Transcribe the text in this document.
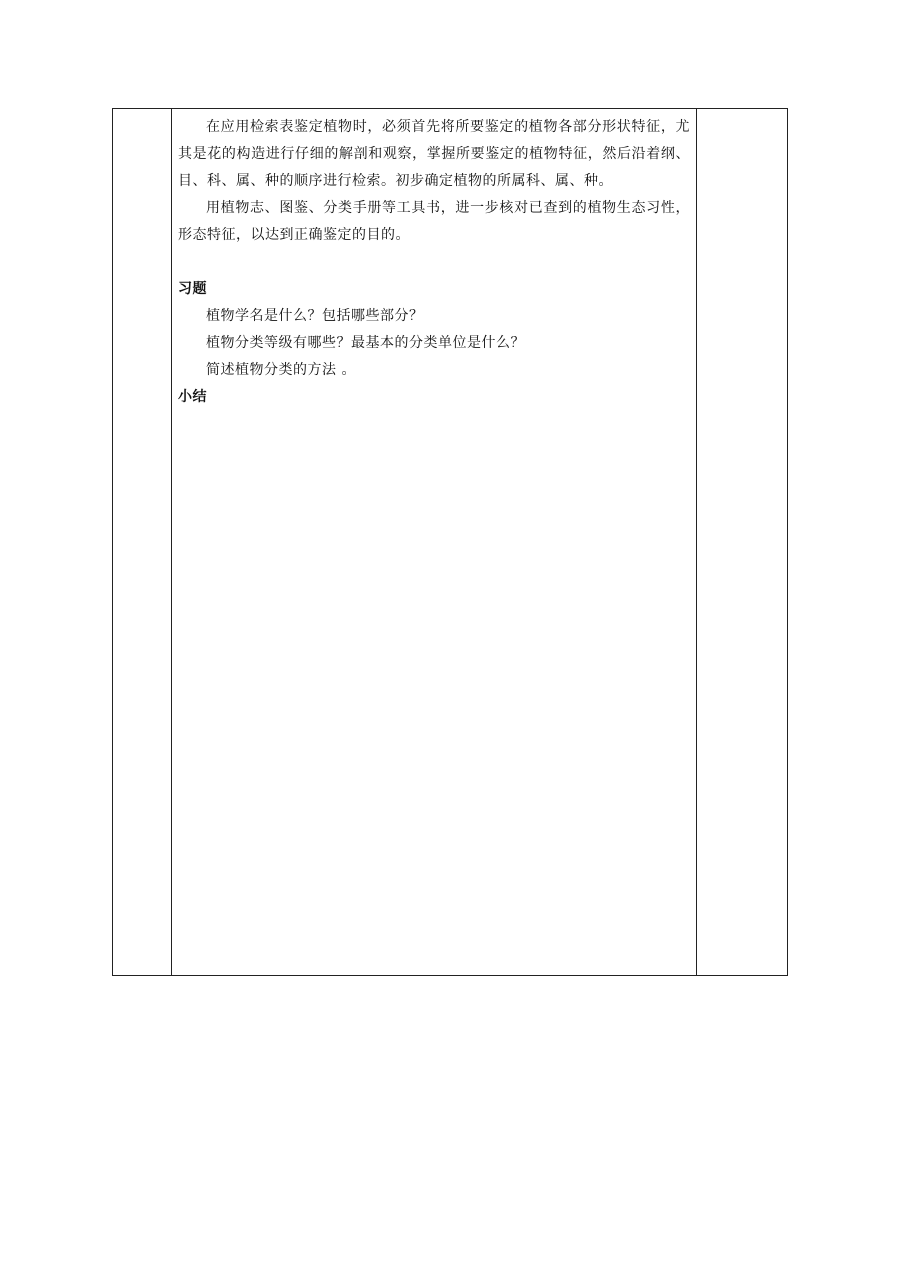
在应用检索表鉴定植物时，必须首先将所要鉴定的植物各部分形状特征，尤其是花的构造进行仔细的解剖和观察，掌握所要鉴定的植物特征，然后沿着纲、目、科、属、种的顺序进行检索。初步确定植物的所属科、属、种。

用植物志、图鉴、分类手册等工具书，进一步核对已查到的植物生态习性，形态特征，以达到正确鉴定的目的。

习题

植物学名是什么？包括哪些部分？

植物分类等级有哪些？最基本的分类单位是什么？

简述植物分类的方法 。

小结
